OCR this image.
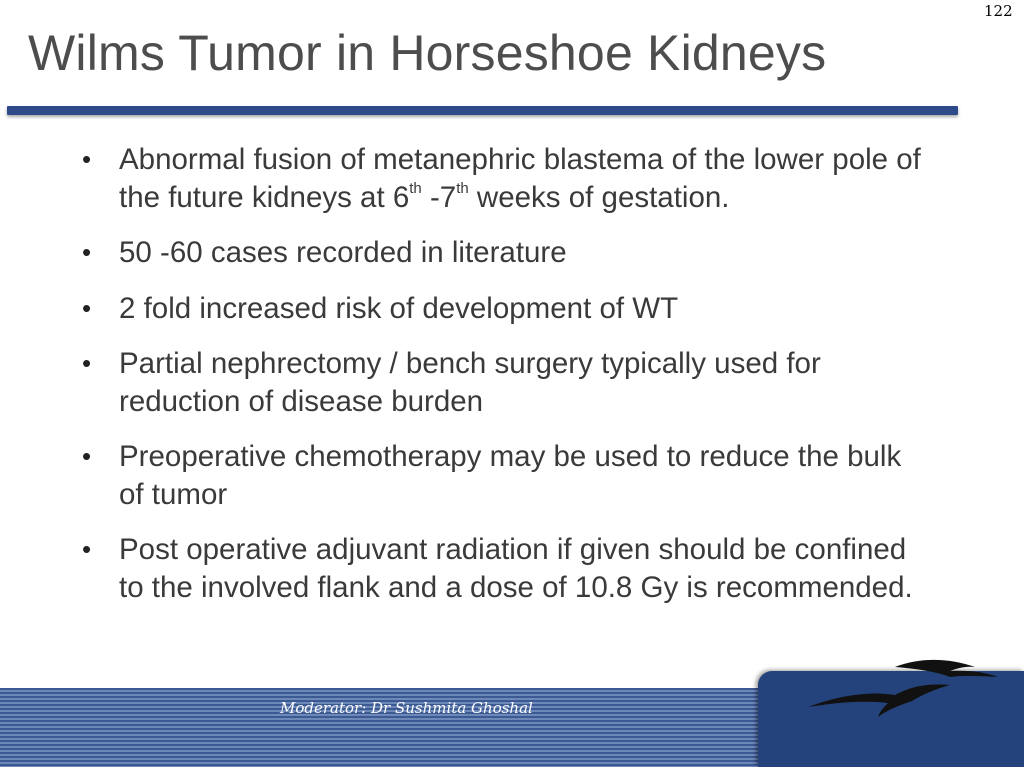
122
Wilms Tumor in Horseshoe Kidneys
• Abnormal fusion of metanephric blastema of the lower pole of the future kidneys at 6th -7th weeks of gestation.
• 50 -60 cases recorded in literature
• 2 fold increased risk of development of WT
• Partial nephrectomy / bench surgery typically used for reduction of disease burden
• Preoperative chemotherapy may be used to reduce the bulk of tumor
• Post operative adjuvant radiation if given should be confined to the involved flank and a dose of 10.8 Gy is recommended.
Moderator: Dr Sushmita Ghoshal
